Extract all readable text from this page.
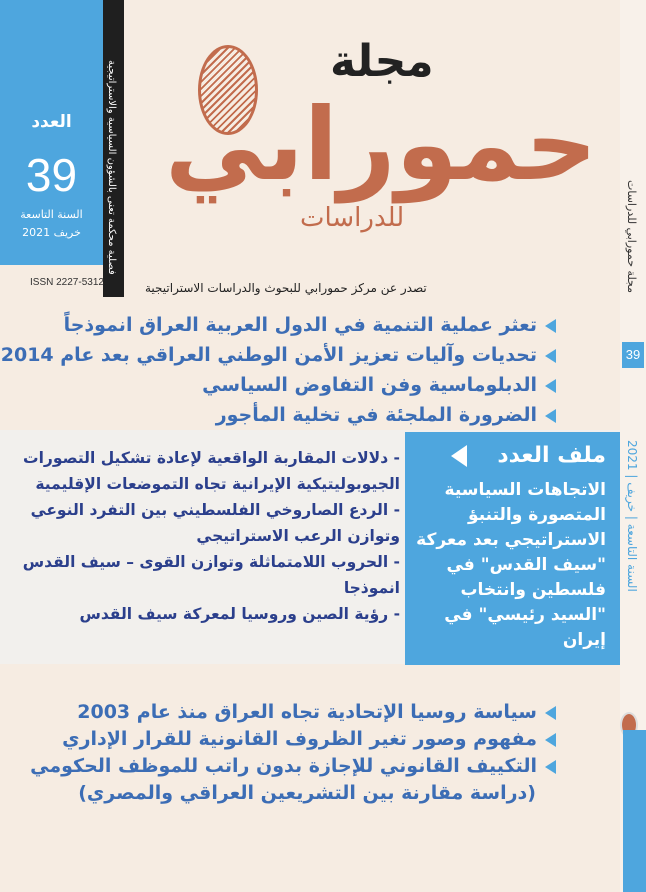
العدد
39
السنة التاسعة
خريف 2021	فصلية محكمة تعنى بالشؤون السياسية والاستراتيجية
ISSN 2227-5312
مجلة
حمورابي
للدراسات
تصدر عن مركز حمورابي للبحوث والدراسات الاستراتيجية	مجلة حمورابي للدراسات
39
السنة التاسعة | خريف | 2021
تعثر عملية التنمية في الدول العربية العراق انموذجاً
تحديات وآليات تعزيز الأمن الوطني العراقي بعد عام 2014
الدبلوماسية وفن التفاوض السياسي
الضرورة الملجئة في تخلية المأجور
ملف العدد
الاتجاهات السياسية المتصورة والتنبؤ الاستراتيجي بعد معركة "سيف القدس" في فلسطين وانتخاب "السيد رئيسي" في إيران
- دلالات المقاربة الواقعية لإعادة تشكيل التصورات الجيوبوليتيكية الإيرانية تجاه التموضعات الإقليمية
- الردع الصاروخي الفلسطيني بين التفرد النوعي وتوازن الرعب الاستراتيجي
- الحروب اللامتماثلة وتوازن القوى – سيف القدس انموذجا
- رؤية الصين وروسيا لمعركة سيف القدس
سياسة روسيا الإتحادية تجاه العراق منذ عام 2003
مفهوم وصور تغير الظروف القانونية للقرار الإداري
التكييف القانوني للإجازة بدون راتب للموظف الحكومي
(دراسة مقارنة بين التشريعين العراقي والمصري)
